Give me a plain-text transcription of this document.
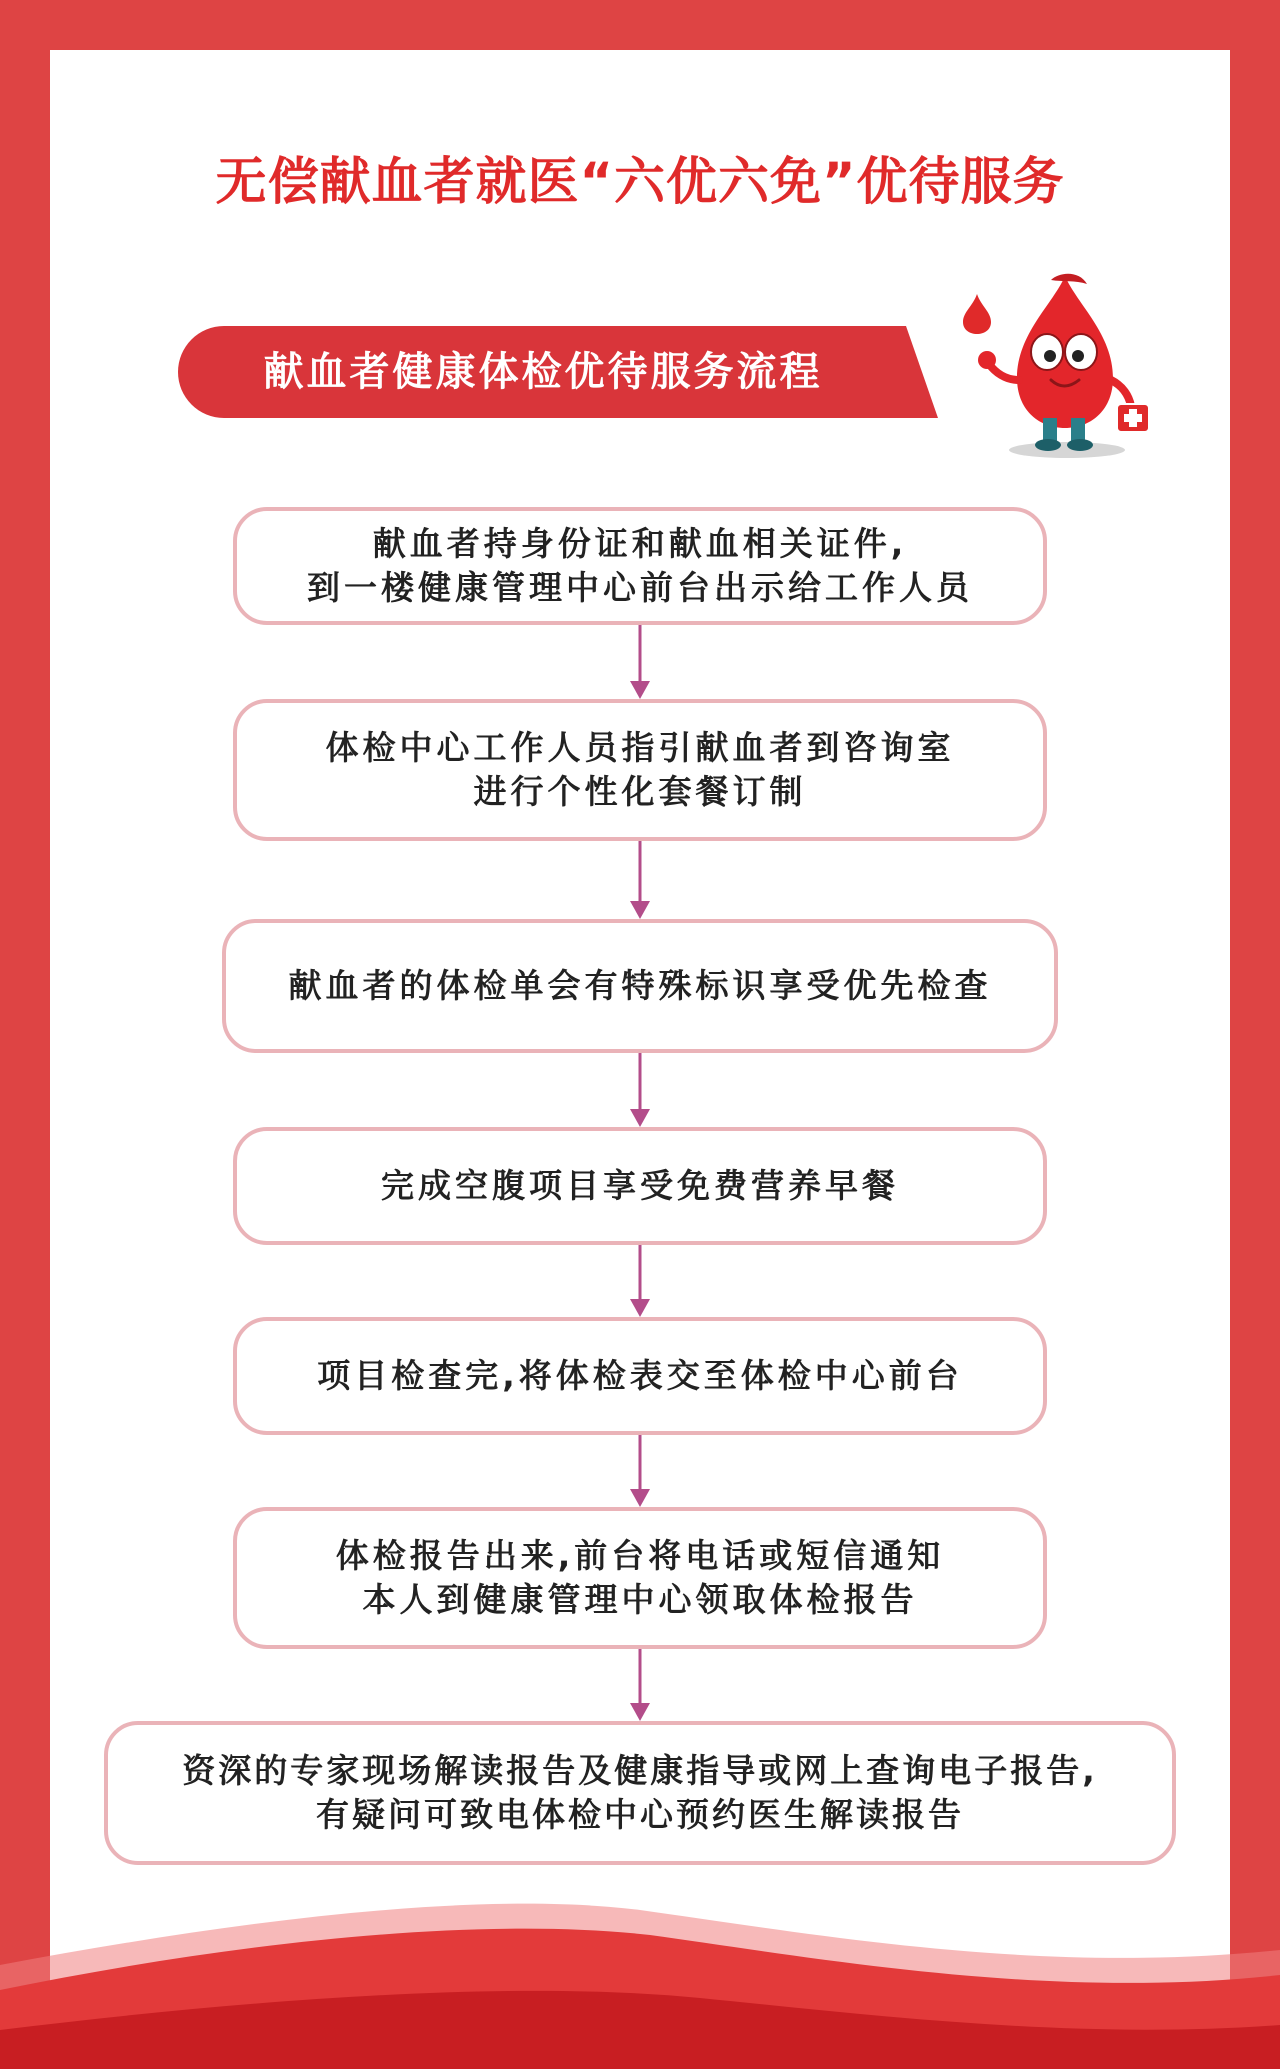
无偿献血者就医“六优六免”优待服务
献血者健康体检优待服务流程
献血者持身份证和献血相关证件,
到一楼健康管理中心前台出示给工作人员
体检中心工作人员指引献血者到咨询室
进行个性化套餐订制
献血者的体检单会有特殊标识享受优先检查
完成空腹项目享受免费营养早餐
项目检查完,将体检表交至体检中心前台
体检报告出来,前台将电话或短信通知
本人到健康管理中心领取体检报告
资深的专家现场解读报告及健康指导或网上查询电子报告,
有疑问可致电体检中心预约医生解读报告
